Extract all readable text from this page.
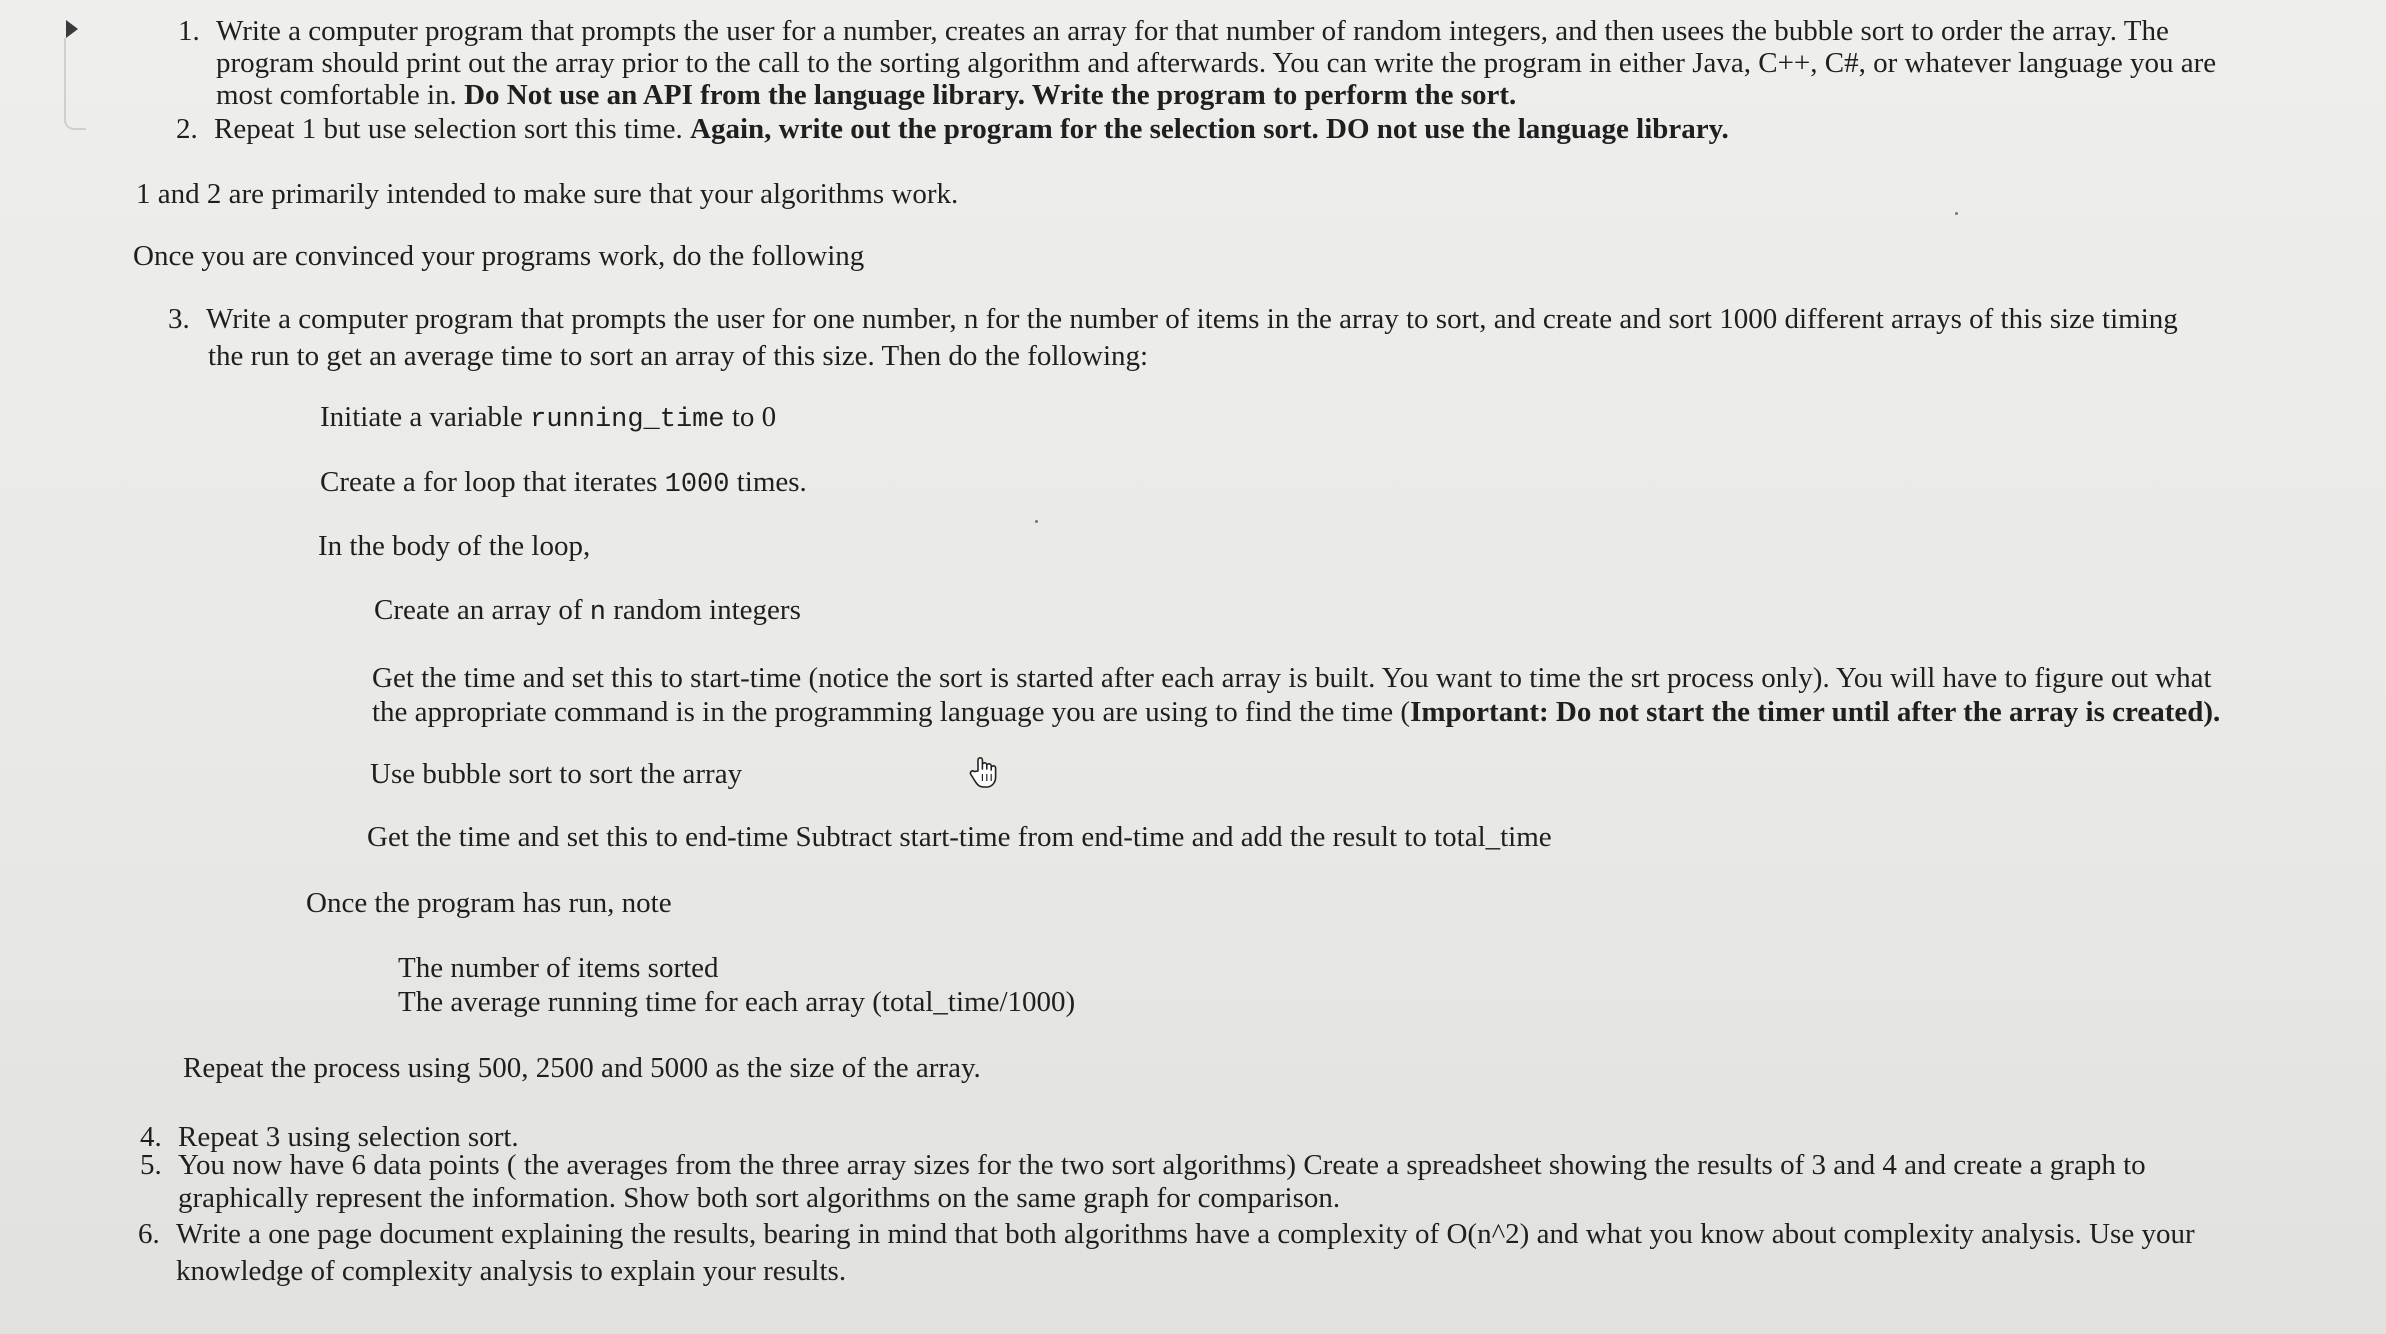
1. Write a computer program that prompts the user for a number, creates an array for that number of random integers, and then usees the bubble sort to order the array. The
program should print out the array prior to the call to the sorting algorithm and afterwards. You can write the program in either Java, C++, C#, or whatever language you are
most comfortable in. Do Not use an API from the language library. Write the program to perform the sort.
2. Repeat 1 but use selection sort this time. Again, write out the program for the selection sort. DO not use the language library.
1 and 2 are primarily intended to make sure that your algorithms work.
Once you are convinced your programs work, do the following
3. Write a computer program that prompts the user for one number, n for the number of items in the array to sort, and create and sort 1000 different arrays of this size timing
the run to get an average time to sort an array of this size. Then do the following:
Initiate a variable running_time to 0
Create a for loop that iterates 1000 times.
In the body of the loop,
Create an array of n random integers
Get the time and set this to start-time (notice the sort is started after each array is built. You want to time the srt process only). You will have to figure out what
the appropriate command is in the programming language you are using to find the time (Important: Do not start the timer until after the array is created).
Use bubble sort to sort the array
Get the time and set this to end-time Subtract start-time from end-time and add the result to total_time
Once the program has run, note
The number of items sorted
The average running time for each array (total_time/1000)
Repeat the process using 500, 2500 and 5000 as the size of the array.
4. Repeat 3 using selection sort.
5. You now have 6 data points ( the averages from the three array sizes for the two sort algorithms) Create a spreadsheet showing the results of 3 and 4 and create a graph to
graphically represent the information. Show both sort algorithms on the same graph for comparison.
6. Write a one page document explaining the results, bearing in mind that both algorithms have a complexity of O(n^2) and what you know about complexity analysis. Use your
knowledge of complexity analysis to explain your results.
